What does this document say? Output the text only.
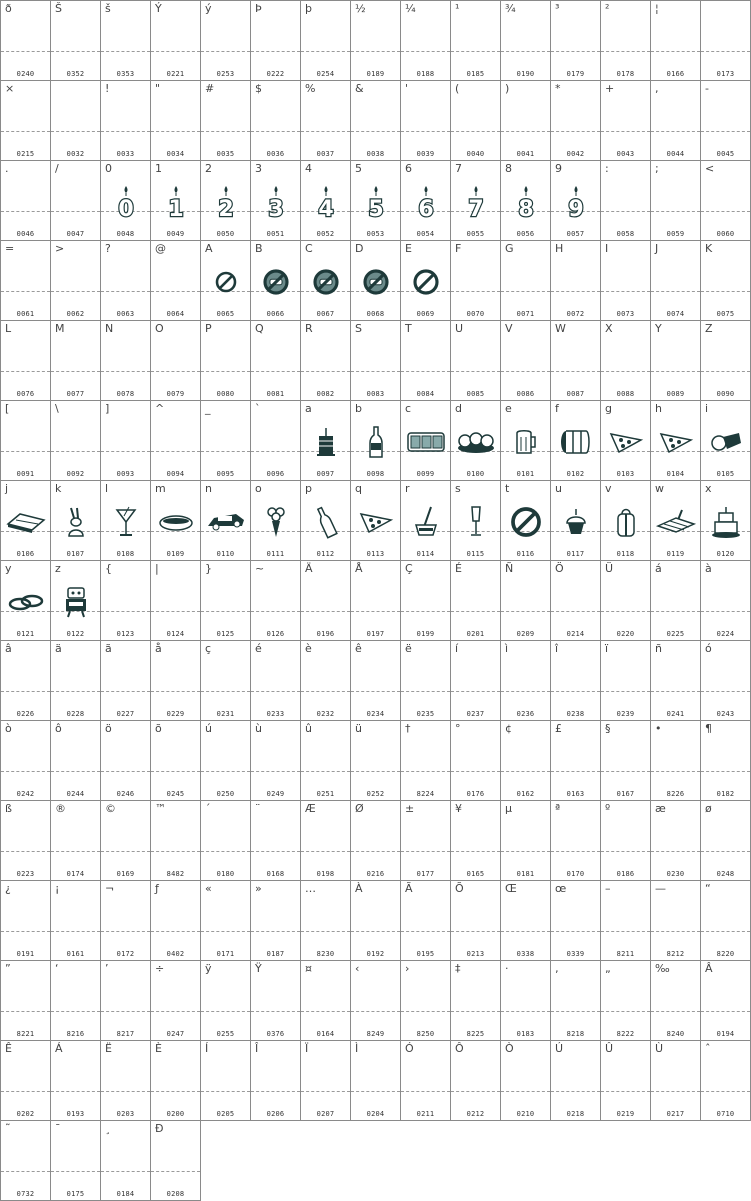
ð
0240
Š
0352
š
0353
Ý
0221
ý
0253
Þ
0222
þ
0254
½
0189
¼
0188
¹
0185
¾
0190
³
0179
²
0178
¦
0166	0173
×
0215	0032
!
0033
"
0034
#
0035
$
0036
%
0037
&
0038
'
0039
(
0040
)
0041
*
0042
+
0043
,
0044
-
0045
.
0046
/
0047
0
0
0048
1
1
0049
2
2
0050
3
3
0051
4
4
0052
5
5
0053
6
6
0054
7
7
0055
8
8
0056
9
9
0057
:
0058
;
0059
<
0060
=
0061
>
0062
?
0063
@
0064
A
0065
B
0066
C
0067
D
0068
E
0069
F
0070
G
0071
H
0072
I
0073
J
0074
K
0075
L
0076
M
0077
N
0078
O
0079
P
0080
Q
0081
R
0082
S
0083
T
0084
U
0085
V
0086
W
0087
X
0088
Y
0089
Z
0090
[
0091
\
0092
]
0093
^
0094
_
0095
`
0096
a
0097
b
0098
c
0099
d
0100
e
0101
f
0102
g
0103
h
0104
i
0105
j
0106
k
0107
l
0108
m
0109
n
0110
o
0111
p
0112
q
0113
r
0114
s
0115
t
0116
u
0117
v
0118
w
0119
x
0120
y
0121
z
0122
{
0123
|
0124
}
0125
~
0126
Ä
0196
Å
0197
Ç
0199
É
0201
Ñ
0209
Ö
0214
Ü
0220
á
0225
à
0224
â
0226
ä
0228
ã
0227
å
0229
ç
0231
é
0233
è
0232
ê
0234
ë
0235
í
0237
ì
0236
î
0238
ï
0239
ñ
0241
ó
0243
ò
0242
ô
0244
ö
0246
õ
0245
ú
0250
ù
0249
û
0251
ü
0252
†
8224
°
0176
¢
0162
£
0163
§
0167
•
8226
¶
0182
ß
0223
®
0174
©
0169
™
8482
´
0180
¨
0168
Æ
0198
Ø
0216
±
0177
¥
0165
µ
0181
ª
0170
º
0186
æ
0230
ø
0248
¿
0191
¡
0161
¬
0172
ƒ
0402
«
0171
»
0187
…
8230
À
0192
Ã
0195
Õ
0213
Œ
0338
œ
0339
–
8211
—
8212
“
8220
”
8221
‘
8216
’
8217
÷
0247
ÿ
0255
Ÿ
0376
¤
0164
‹
8249
›
8250
‡
8225
·
0183
‚
8218
„
8222
‰
8240
Â
0194
Ê
0202
Á
0193
Ë
0203
È
0200
Í
0205
Î
0206
Ï
0207
Ì
0204
Ó
0211
Ô
0212
Ò
0210
Ú
0218
Û
0219
Ù
0217
ˆ
0710
˜
0732
¯
0175
¸
0184
Ð
0208
